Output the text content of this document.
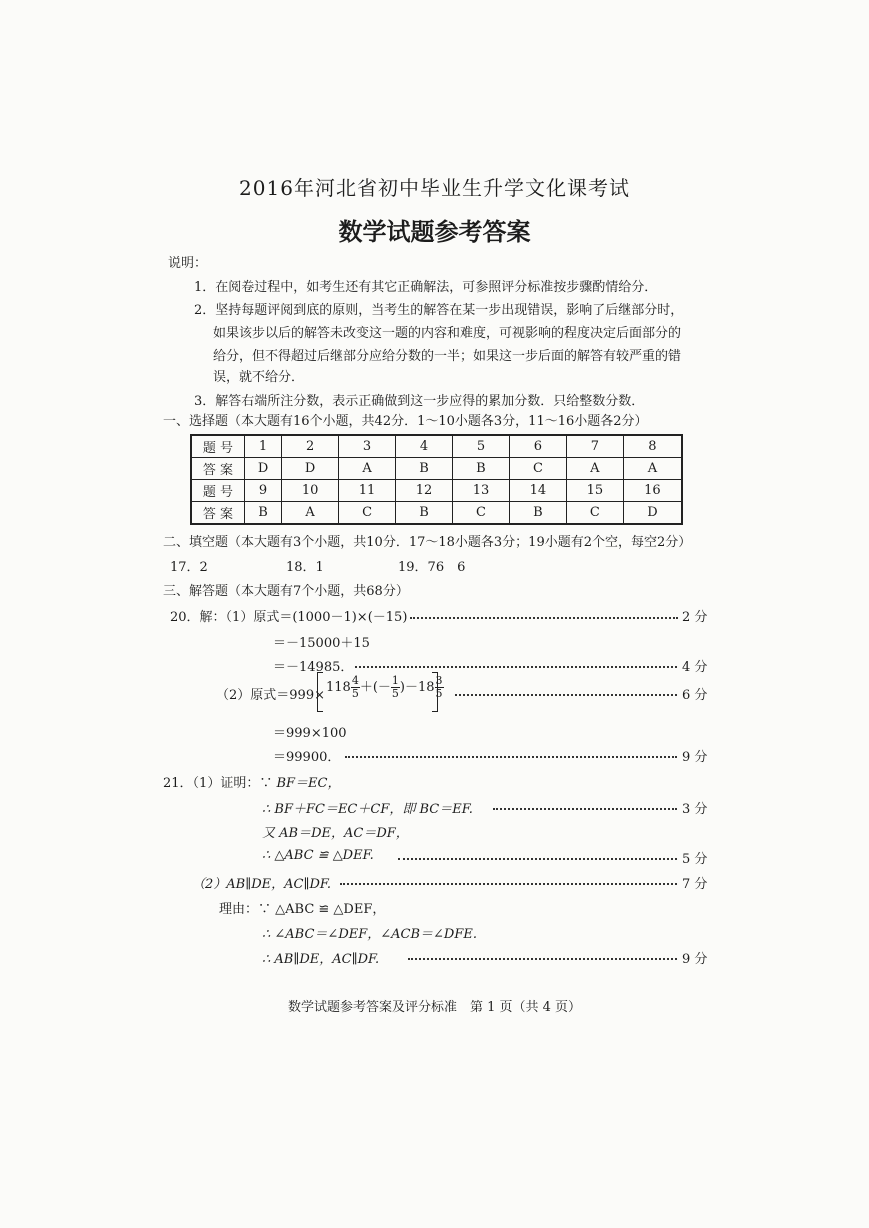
2016年河北省初中毕业生升学文化课考试
数学试题参考答案
说明：
1．在阅卷过程中，如考生还有其它正确解法，可参照评分标准按步骤酌情给分．
2．坚持每题评阅到底的原则，当考生的解答在某一步出现错误，影响了后继部分时，
如果该步以后的解答未改变这一题的内容和难度，可视影响的程度决定后面部分的
给分，但不得超过后继部分应给分数的一半；如果这一步后面的解答有较严重的错
误，就不给分．
3．解答右端所注分数，表示正确做到这一步应得的累加分数．只给整数分数．
一、选择题（本大题有16个小题，共42分．1～10小题各3分，11～16小题各2分）
题 号	1	2	3	4	5	6	7	8
答 案	D	D	A	B	B	C	A	A
题 号	9	10	11	12	13	14	15	16
答 案	B	A	C	B	C	B	C	D
二、填空题（本大题有3个小题，共10分．17～18小题各3分；19小题有2个空，每空2分）
17．2	18．1	19．76　6
三、解答题（本大题有7个小题，共68分）
20．解：（1）原式＝(1000－1)×(－15)	2 分
＝－15000＋15
＝－14985．	4 分
（2）原式＝999×
$118 \frac{4}{5}$ ＋(－ $\frac{1}{5} )-18 \frac{3}{5}$	6 分
＝999×100
＝99900．	9 分
21．（1）证明：∵ BF＝EC，
∴ BF＋FC＝EC＋CF，即 BC＝EF.	3 分
又 AB＝DE，AC＝DF，
∴ △ABC ≌ △DEF.	5 分
（2）AB∥DE，AC∥DF.	7 分
理由：∵ △ABC ≌ △DEF，
∴ ∠ABC＝∠DEF，∠ACB＝∠DFE.
∴ AB∥DE，AC∥DF.	9 分
数学试题参考答案及评分标准　第 1 页（共 4 页）
